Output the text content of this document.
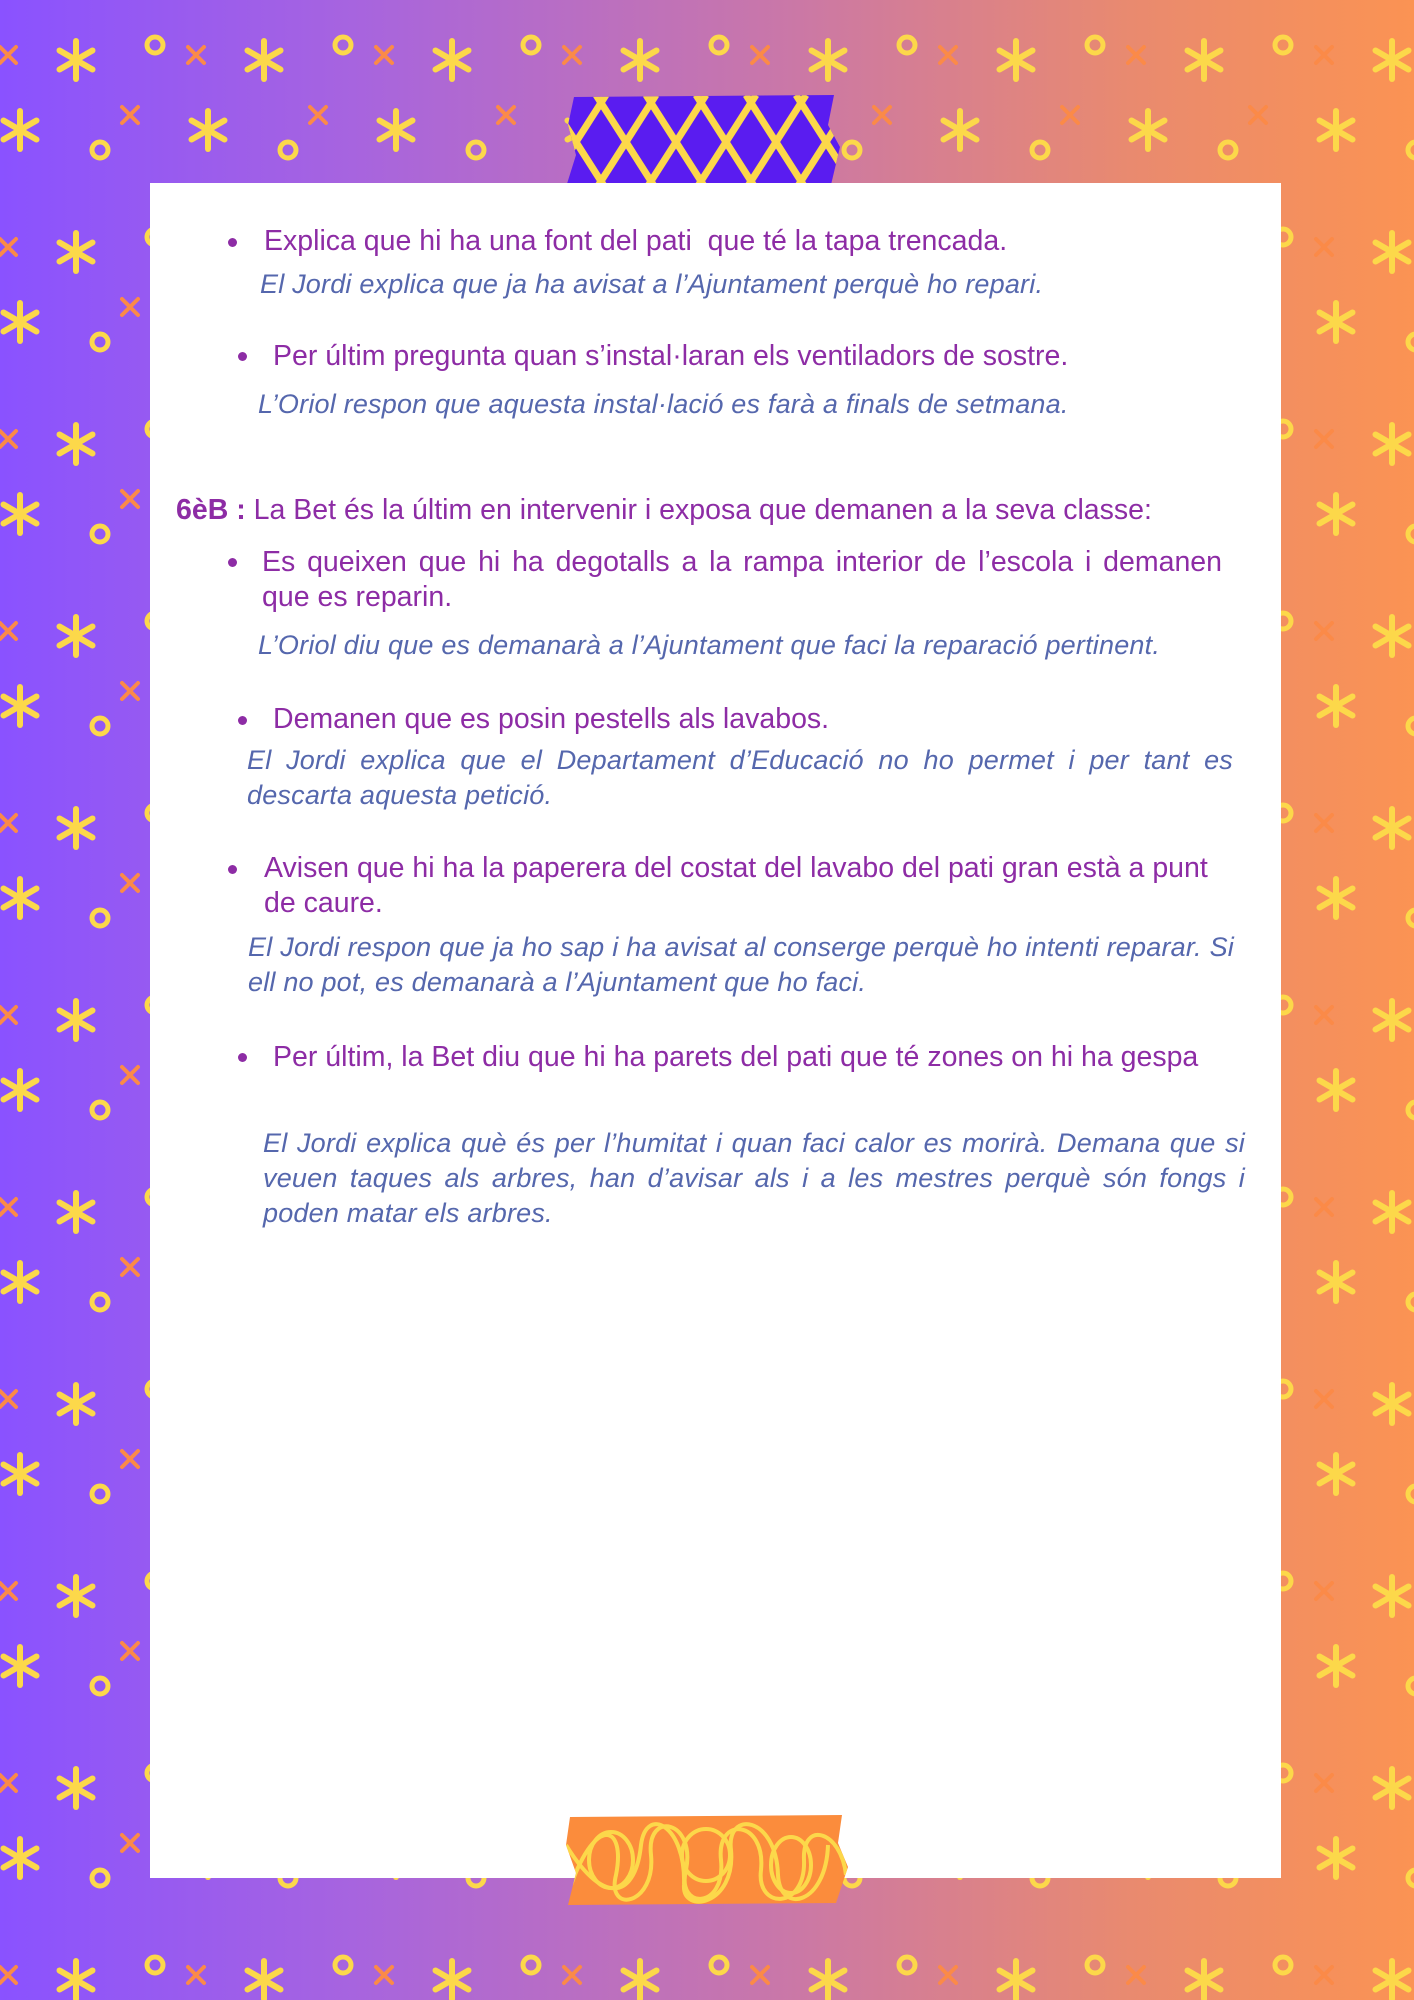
Explica que hi ha una font del pati  que té la tapa trencada.
El Jordi explica que ja ha avisat a l’Ajuntament perquè ho repari.
Per últim pregunta quan s’instal·laran els ventiladors de sostre.
L’Oriol respon que aquesta instal·lació es farà a finals de setmana.
6èB : La Bet és la últim en intervenir i exposa que demanen a la seva classe:
Es queixen que hi ha degotalls a la rampa interior de l’escola i demanen que es reparin.
L’Oriol diu que es demanarà a l’Ajuntament que faci la reparació pertinent.
Demanen que es posin pestells als lavabos.
El Jordi explica que el Departament d’Educació no ho permet i per tant es descarta aquesta petició.
Avisen que hi ha la paperera del costat del lavabo del pati gran està a punt de caure.
El Jordi respon que ja ho sap i ha avisat al conserge perquè ho intenti reparar. Si ell no pot, es demanarà a l’Ajuntament que ho faci.
Per últim, la Bet diu que hi ha parets del pati que té zones on hi ha gespa
El Jordi explica què és per l’humitat i quan faci calor es morirà. Demana que si veuen taques als arbres, han d’avisar als i a les mestres perquè són fongs i poden matar els arbres.
